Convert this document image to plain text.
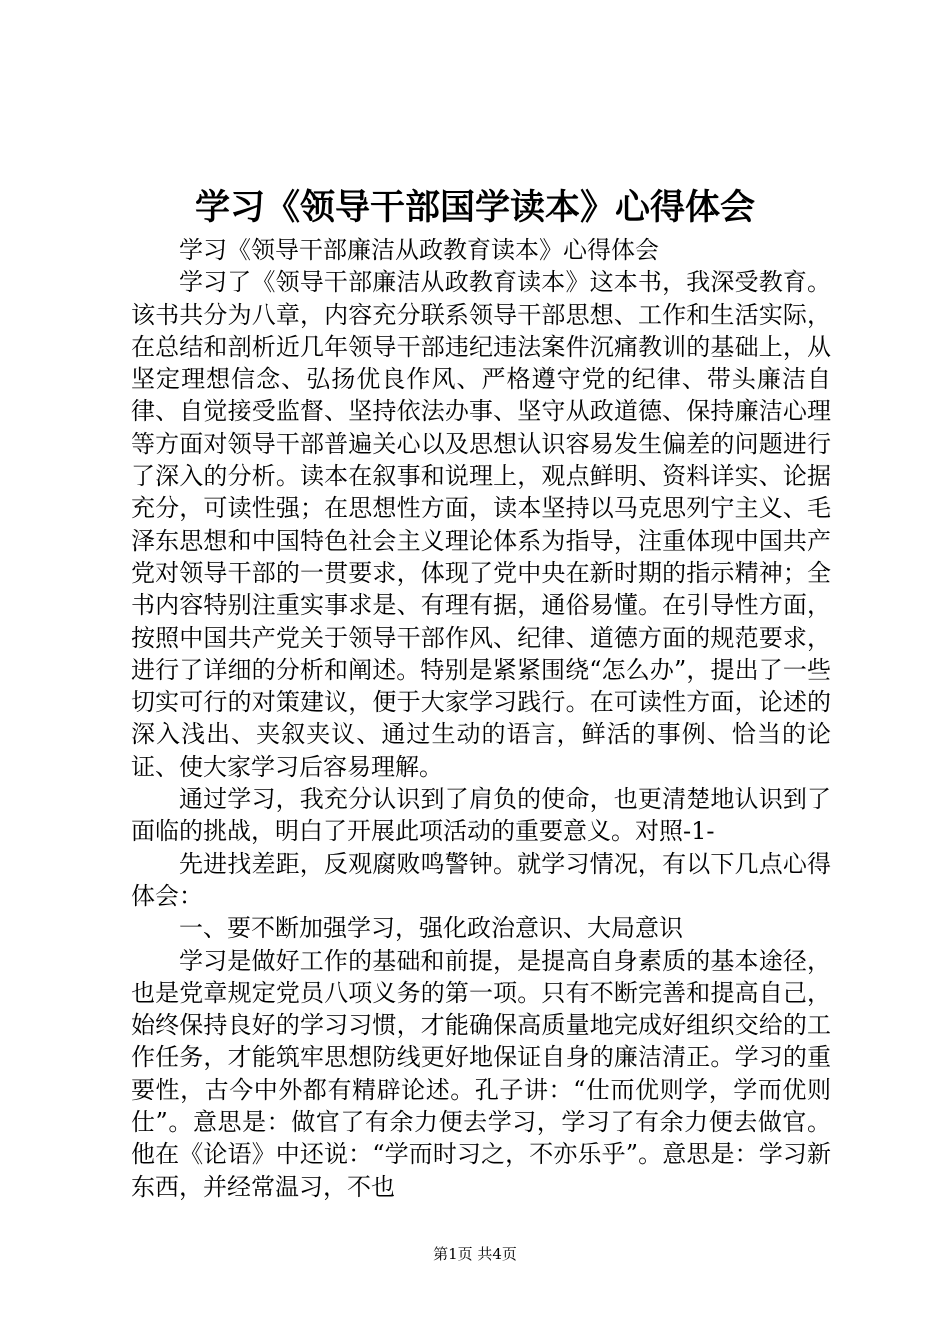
学习《领导干部国学读本》心得体会

学习《领导干部廉洁从政教育读本》心得体会

学习了《领导干部廉洁从政教育读本》这本书，我深受教育。该书共分为八章，内容充分联系领导干部思想、工作和生活实际，在总结和剖析近几年领导干部违纪违法案件沉痛教训的基础上，从坚定理想信念、弘扬优良作风、严格遵守党的纪律、带头廉洁自律、自觉接受监督、坚持依法办事、坚守从政道德、保持廉洁心理等方面对领导干部普遍关心以及思想认识容易发生偏差的问题进行了深入的分析。读本在叙事和说理上，观点鲜明、资料详实、论据充分，可读性强；在思想性方面，读本坚持以马克思列宁主义、毛泽东思想和中国特色社会主义理论体系为指导，注重体现中国共产党对领导干部的一贯要求，体现了党中央在新时期的指示精神；全书内容特别注重实事求是、有理有据，通俗易懂。在引导性方面，按照中国共产党关于领导干部作风、纪律、道德方面的规范要求，进行了详细的分析和阐述。特别是紧紧围绕“怎么办”，提出了一些切实可行的对策建议，便于大家学习践行。在可读性方面，论述的深入浅出、夹叙夹议、通过生动的语言，鲜活的事例、恰当的论证、使大家学习后容易理解。

通过学习，我充分认识到了肩负的使命，也更清楚地认识到了面临的挑战，明白了开展此项活动的重要意义。对照-1-

先进找差距，反观腐败鸣警钟。就学习情况，有以下几点心得体会：

一、要不断加强学习，强化政治意识、大局意识

学习是做好工作的基础和前提，是提高自身素质的基本途径，也是党章规定党员八项义务的第一项。只有不断完善和提高自己，始终保持良好的学习习惯，才能确保高质量地完成好组织交给的工作任务，才能筑牢思想防线更好地保证自身的廉洁清正。学习的重要性，古今中外都有精辟论述。孔子讲：“仕而优则学，学而优则仕”。意思是：做官了有余力便去学习，学习了有余力便去做官。他在《论语》中还说：“学而时习之，不亦乐乎”。意思是：学习新东西，并经常温习，不也

第1页 共4页
